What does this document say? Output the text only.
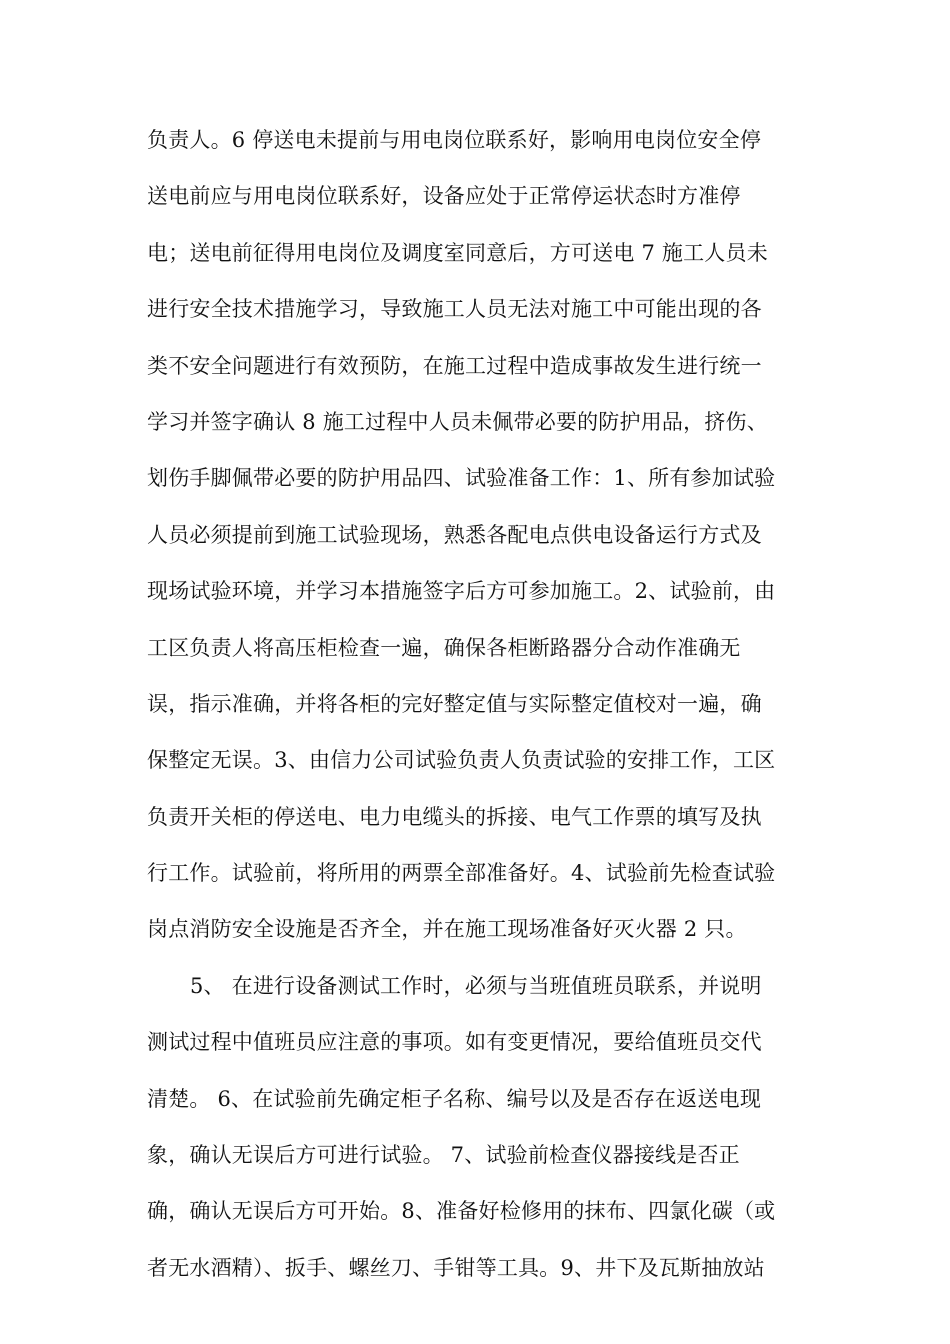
负责人。6 停送电未提前与用电岗位联系好，影响用电岗位安全停
送电前应与用电岗位联系好，设备应处于正常停运状态时方准停
电；送电前征得用电岗位及调度室同意后，方可送电 7 施工人员未
进行安全技术措施学习，导致施工人员无法对施工中可能出现的各
类不安全问题进行有效预防，在施工过程中造成事故发生进行统一
学习并签字确认 8 施工过程中人员未佩带必要的防护用品，挤伤、
划伤手脚佩带必要的防护用品四、试验准备工作：1、所有参加试验
人员必须提前到施工试验现场，熟悉各配电点供电设备运行方式及
现场试验环境，并学习本措施签字后方可参加施工。2、试验前，由
工区负责人将高压柜检查一遍，确保各柜断路器分合动作准确无
误，指示准确，并将各柜的完好整定值与实际整定值校对一遍，确
保整定无误。3、由信力公司试验负责人负责试验的安排工作，工区
负责开关柜的停送电、电力电缆头的拆接、电气工作票的填写及执
行工作。试验前，将所用的两票全部准备好。4、试验前先检查试验
岗点消防安全设施是否齐全，并在施工现场准备好灭火器 2 只。
5、 在进行设备测试工作时，必须与当班值班员联系，并说明
测试过程中值班员应注意的事项。如有变更情况，要给值班员交代
清楚。 6、在试验前先确定柜子名称、编号以及是否存在返送电现
象，确认无误后方可进行试验。 7、试验前检查仪器接线是否正
确，确认无误后方可开始。8、准备好检修用的抹布、四氯化碳（或
者无水酒精）、扳手、螺丝刀、手钳等工具。9、井下及瓦斯抽放站
